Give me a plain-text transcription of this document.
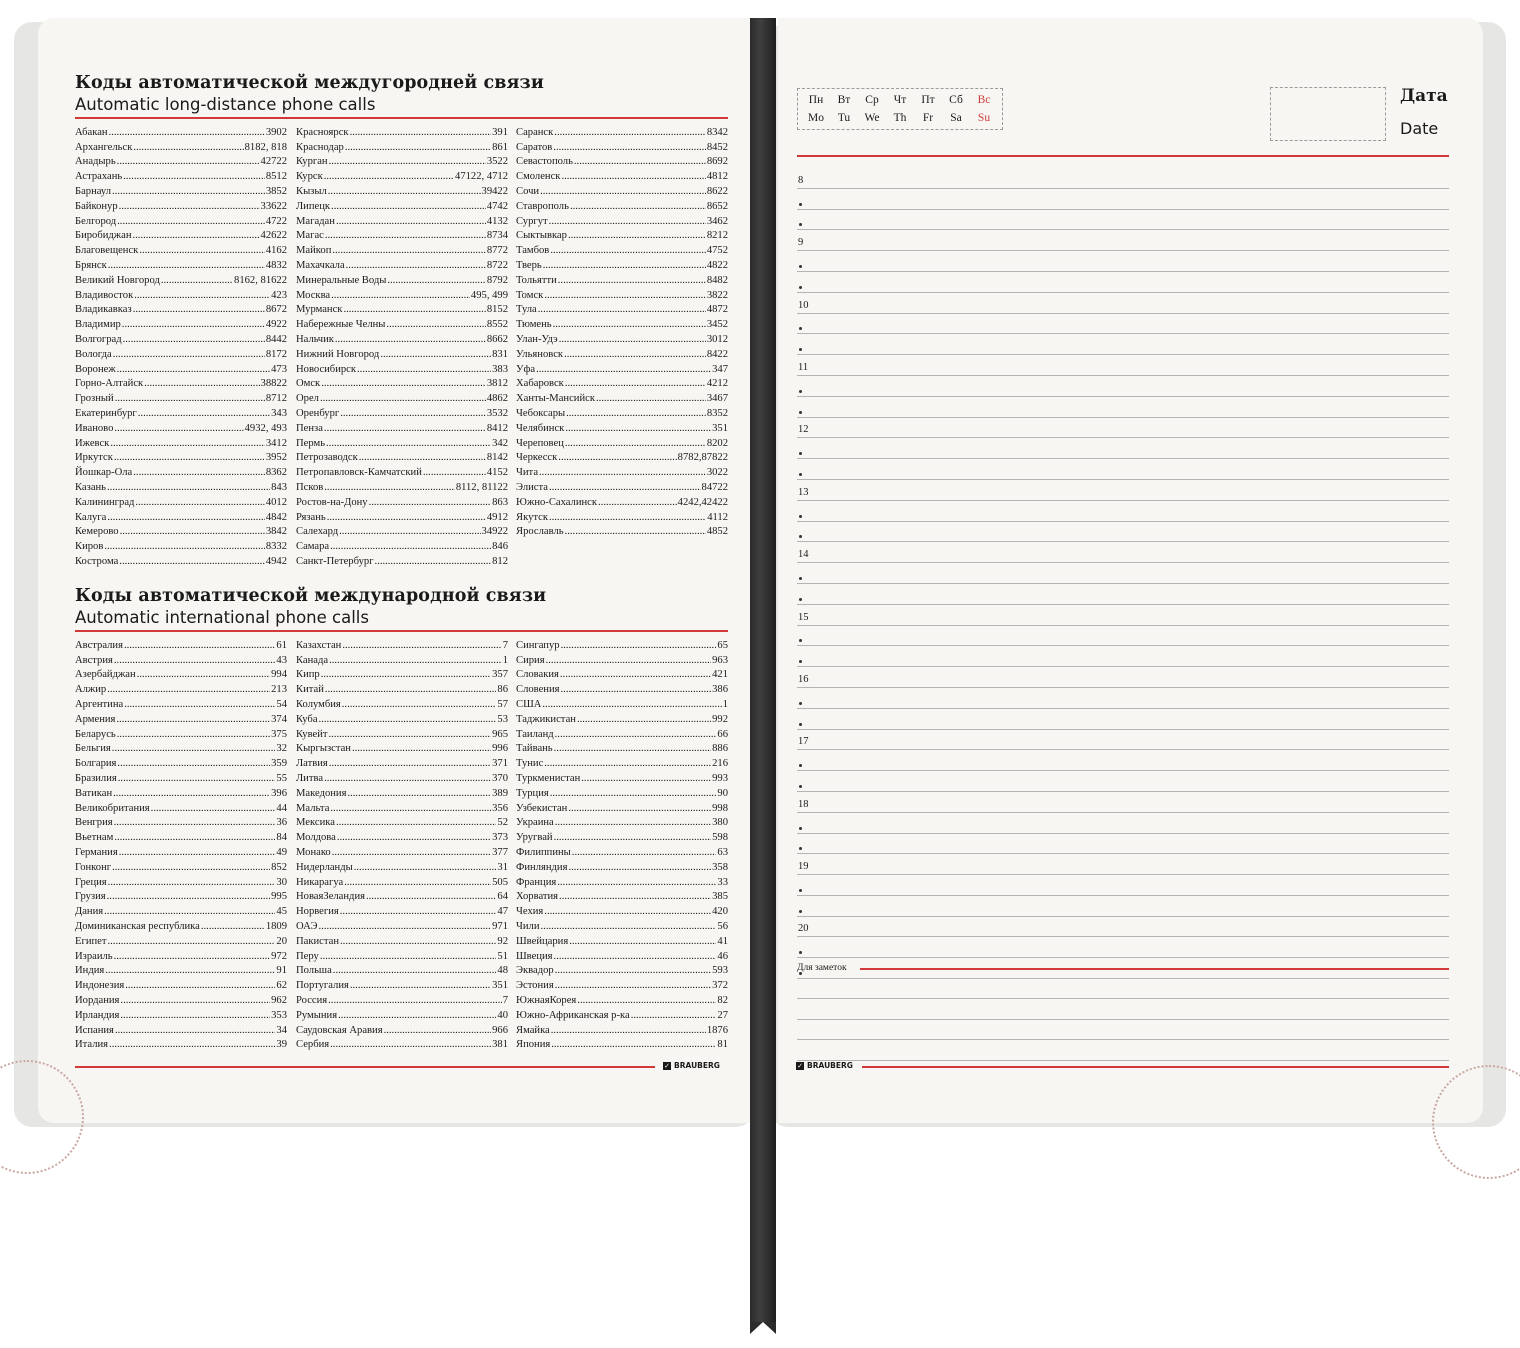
Коды автоматической междугородней связи
Automatic long-distance phone calls
Абакан .....	3902
Архангельск .....	8182, 818
Анадырь .....	42722
Астрахань .....	8512
Барнаул .....	3852
Байконур .....	33622
Белгород .....	4722
Биробиджан .....	42622
Благовещенск .....	4162
Брянск .....	4832
Великий Новгород .....	8162, 81622
Владивосток .....	423
Владикавказ .....	8672
Владимир .....	4922
Волгоград .....	8442
Вологда .....	8172
Воронеж .....	473
Горно-Алтайск .....	38822
Грозный .....	8712
Екатеринбург .....	343
Иваново .....	4932, 493
Ижевск .....	3412
Иркутск .....	3952
Йошкар-Ола .....	8362
Казань .....	843
Калининград .....	4012
Калуга .....	4842
Кемерово .....	3842
Киров .....	8332
Кострома .....	4942
Красноярск .....	391
Краснодар .....	861
Курган .....	3522
Курск .....	47122, 4712
Кызыл .....	39422
Липецк .....	4742
Магадан .....	4132
Магас .....	8734
Майкоп .....	8772
Махачкала .....	8722
Минеральные Воды .....	8792
Москва .....	495, 499
Мурманск .....	8152
Набережные Челны .....	8552
Нальчик .....	8662
Нижний Новгород .....	831
Новосибирск .....	383
Омск .....	3812
Орел .....	4862
Оренбург .....	3532
Пенза .....	8412
Пермь .....	342
Петрозаводск .....	8142
Петропавловск-Камчатский .....	4152
Псков .....	8112, 81122
Ростов-на-Дону .....	863
Рязань .....	4912
Салехард .....	34922
Самара .....	846
Санкт-Петербург .....	812
Саранск .....	8342
Саратов .....	8452
Севастополь .....	8692
Смоленск .....	4812
Сочи .....	8622
Ставрополь .....	8652
Сургут .....	3462
Сыктывкар .....	8212
Тамбов .....	4752
Тверь .....	4822
Тольятти .....	8482
Томск .....	3822
Тула .....	4872
Тюмень .....	3452
Улан-Удэ .....	3012
Ульяновск .....	8422
Уфа .....	347
Хабаровск .....	4212
Ханты-Мансийск .....	3467
Чебоксары .....	8352
Челябинск .....	351
Череповец .....	8202
Черкесск .....	8782,87822
Чита .....	3022
Элиста .....	84722
Южно-Сахалинск .....	4242,42422
Якутск .....	4112
Ярославль .....	4852
Коды автоматической международной связи
Automatic international phone calls
Австралия .....	61
Австрия .....	43
Азербайджан .....	994
Алжир .....	213
Аргентина .....	54
Армения .....	374
Беларусь .....	375
Бельгия .....	32
Болгария .....	359
Бразилия .....	55
Ватикан .....	396
Великобритания .....	44
Венгрия .....	36
Вьетнам .....	84
Германия .....	49
Гонконг .....	852
Греция .....	30
Грузия .....	995
Дания .....	45
Доминиканская республика .....	1809
Египет .....	20
Израиль .....	972
Индия .....	91
Индонезия .....	62
Иордания .....	962
Ирландия .....	353
Испания .....	34
Италия .....	39
Казахстан .....	7
Канада .....	1
Кипр .....	357
Китай .....	86
Колумбия .....	57
Куба .....	53
Кувейт .....	965
Кыргызстан .....	996
Латвия .....	371
Литва .....	370
Македония .....	389
Мальта .....	356
Мексика .....	52
Молдова .....	373
Монако .....	377
Нидерланды .....	31
Никарагуа .....	505
НоваяЗеландия .....	64
Норвегия .....	47
ОАЭ .....	971
Пакистан .....	92
Перу .....	51
Польша .....	48
Португалия .....	351
Россия .....	7
Румыния .....	40
Саудовская Аравия .....	966
Сербия .....	381
Сингапур .....	65
Сирия .....	963
Словакия .....	421
Словения .....	386
США .....	1
Таджикистан .....	992
Таиланд .....	66
Тайвань .....	886
Тунис .....	216
Туркменистан .....	993
Турция .....	90
Узбекистан .....	998
Украина .....	380
Уругвай .....	598
Филиппины .....	63
Финляндия .....	358
Франция .....	33
Хорватия .....	385
Чехия .....	420
Чили .....	56
Швейцария .....	41
Швеция .....	46
Эквадор .....	593
Эстония .....	372
ЮжнаяКорея .....	82
Южно-Африканская р-ка .....	27
Ямайка .....	1876
Япония .....	81
✓ BRAUBERG
Пн	Вт	Ср	Чт	Пт	Сб	Вс
Mo	Tu	We	Th	Fr	Sa	Su
Дата
Date
8
9
10
11
12
13
14
15
16
17
18
19
20
Для заметок
✓ BRAUBERG
